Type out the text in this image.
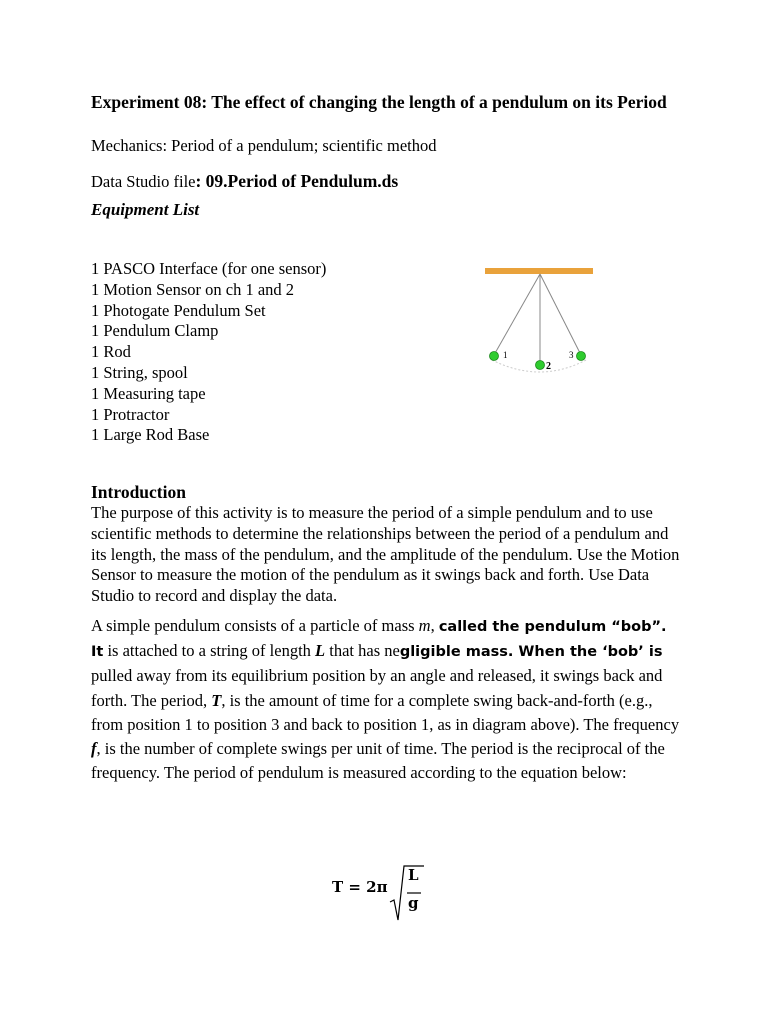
Experiment 08: The effect of changing the length of a pendulum on its Period
Mechanics: Period of a pendulum; scientific method
Data Studio file: 09.Period of Pendulum.ds
Equipment List
1 PASCO Interface (for one sensor)
1 Motion Sensor on ch 1 and 2
1 Photogate Pendulum Set
1 Pendulum Clamp
1 Rod
1 String, spool
1 Measuring tape
1 Protractor
1 Large Rod Base
1
2
3
Introduction

The purpose of this activity is to measure the period of a simple pendulum and to use scientific methods to determine the relationships between the period of a pendulum and its length, the mass of the pendulum, and the amplitude of the pendulum. Use the Motion Sensor to measure the motion of the pendulum as it swings back and forth. Use Data Studio to record and display the data.

A simple pendulum consists of a particle of mass m, called the pendulum “bob”. It is attached to a string of length L that has negligible mass. When the ‘bob’ is pulled away from its equilibrium position by an angle and released, it swings back and forth. The period, T, is the amount of time for a complete swing back-and-forth (e.g., from position 1 to position 3 and back to position 1, as in diagram above). The frequency f, is the number of complete swings per unit of time. The period is the reciprocal of the frequency. The period of pendulum is measured according to the equation below:

T = 2π
L
g
